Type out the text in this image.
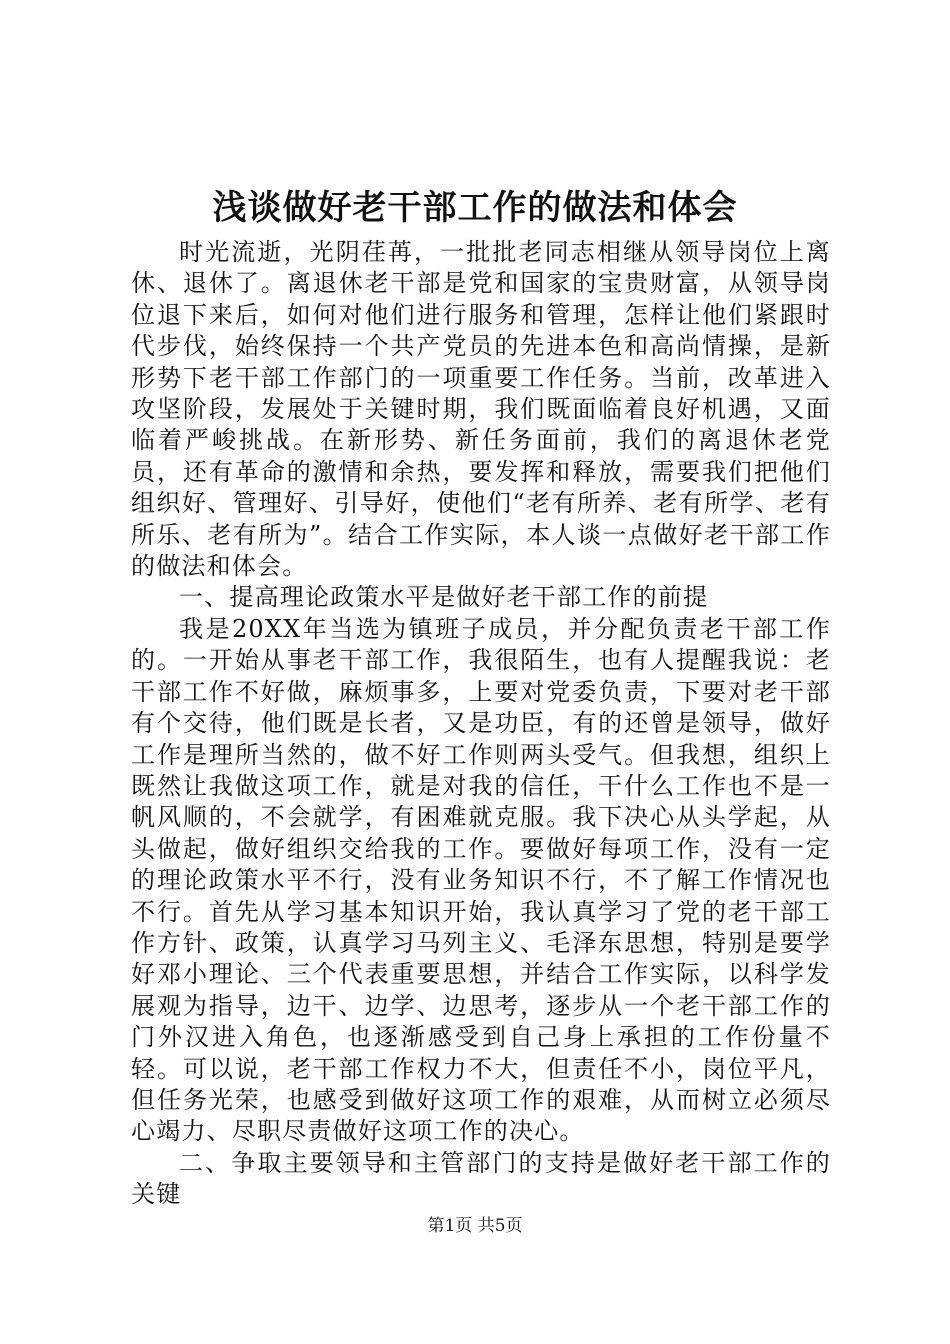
浅谈做好老干部工作的做法和体会

时光流逝，光阴荏苒，一批批老同志相继从领导岗位上离休、退休了。离退休老干部是党和国家的宝贵财富，从领导岗位退下来后，如何对他们进行服务和管理，怎样让他们紧跟时代步伐，始终保持一个共产党员的先进本色和高尚情操，是新形势下老干部工作部门的一项重要工作任务。当前，改革进入攻坚阶段，发展处于关键时期，我们既面临着良好机遇，又面临着严峻挑战。在新形势、新任务面前，我们的离退休老党员，还有革命的激情和余热，要发挥和释放，需要我们把他们组织好、管理好、引导好，使他们“老有所养、老有所学、老有所乐、老有所为”。结合工作实际，本人谈一点做好老干部工作的做法和体会。

一、提高理论政策水平是做好老干部工作的前提

我是20XX年当选为镇班子成员，并分配负责老干部工作的。一开始从事老干部工作，我很陌生，也有人提醒我说：老干部工作不好做，麻烦事多，上要对党委负责，下要对老干部有个交待，他们既是长者，又是功臣，有的还曾是领导，做好工作是理所当然的，做不好工作则两头受气。但我想，组织上既然让我做这项工作，就是对我的信任，干什么工作也不是一帆风顺的，不会就学，有困难就克服。我下决心从头学起，从头做起，做好组织交给我的工作。要做好每项工作，没有一定的理论政策水平不行，没有业务知识不行，不了解工作情况也不行。首先从学习基本知识开始，我认真学习了党的老干部工作方针、政策，认真学习马列主义、毛泽东思想，特别是要学好邓小理论、三个代表重要思想，并结合工作实际，以科学发展观为指导，边干、边学、边思考，逐步从一个老干部工作的门外汉进入角色，也逐渐感受到自己身上承担的工作份量不轻。可以说，老干部工作权力不大，但责任不小，岗位平凡，但任务光荣，也感受到做好这项工作的艰难，从而树立必须尽心竭力、尽职尽责做好这项工作的决心。

二、争取主要领导和主管部门的支持是做好老干部工作的关键

第1页 共5页
